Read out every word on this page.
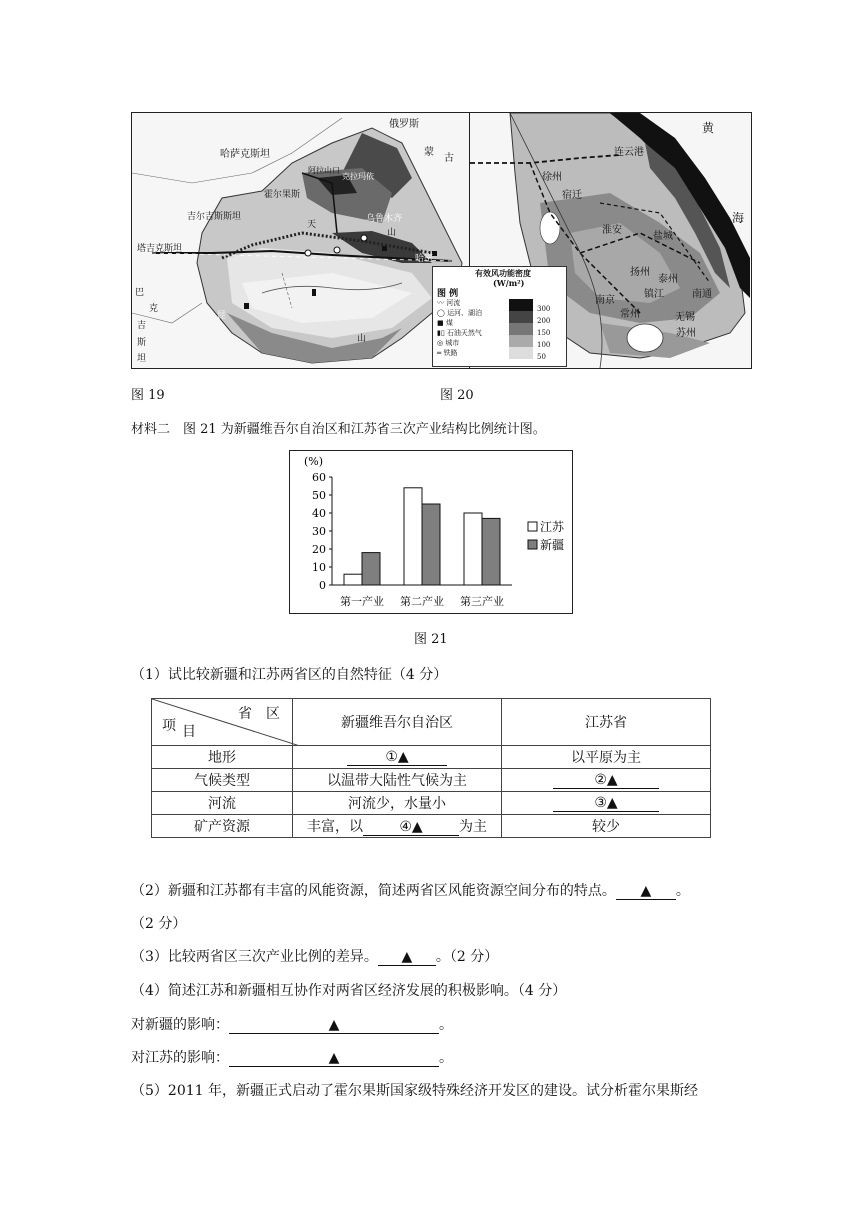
俄罗斯
哈萨克斯坦	蒙
古
阿拉山口
克拉玛依
霍尔果斯
吉尔吉斯斯坦
塔吉克斯坦
乌鲁木齐
天
山
哈密
巴
克
吉
斯
坦
昆
山
黄
海
连云港
徐州
宿迁
淮安
盐城
扬州
泰州
南通
南京
镇江
常州	无锡
苏州
有效风功能密度
(W/m²)
图 例
〰 河流
◯ 运河、湖泊
■ 煤
▮▯ 石油天然气
◎ 城市
═ 铁路
300
200
150
100
50
图 19	图 20
材料二　图 21 为新疆维吾尔自治区和江苏省三次产业结构比例统计图。
(%)
0
10
20
30
40
50
60
第一产业 第二产业 第三产业
江苏
新疆
图 21
（1）试比较新疆和江苏两省区的自然特征（4 分）
省　区
项 目	新疆维吾尔自治区	江苏省
地形	①▲	以平原为主
气候类型	以温带大陆性气候为主	②▲
河流	河流少，水量小	③▲
矿产资源	丰富，以 ④▲ 为主	较少
（2）新疆和江苏都有丰富的风能资源，简述两省区风能资源空间分布的特点。 ▲ 。
（2 分）
（3）比较两省区三次产业比例的差异。 ▲ 。（2 分）
（4）简述江苏和新疆相互协作对两省区经济发展的积极影响。（4 分）
对新疆的影响：	▲	。
对江苏的影响：	▲	。
（5）2011 年，新疆正式启动了霍尔果斯国家级特殊经济开发区的建设。试分析霍尔果斯经
